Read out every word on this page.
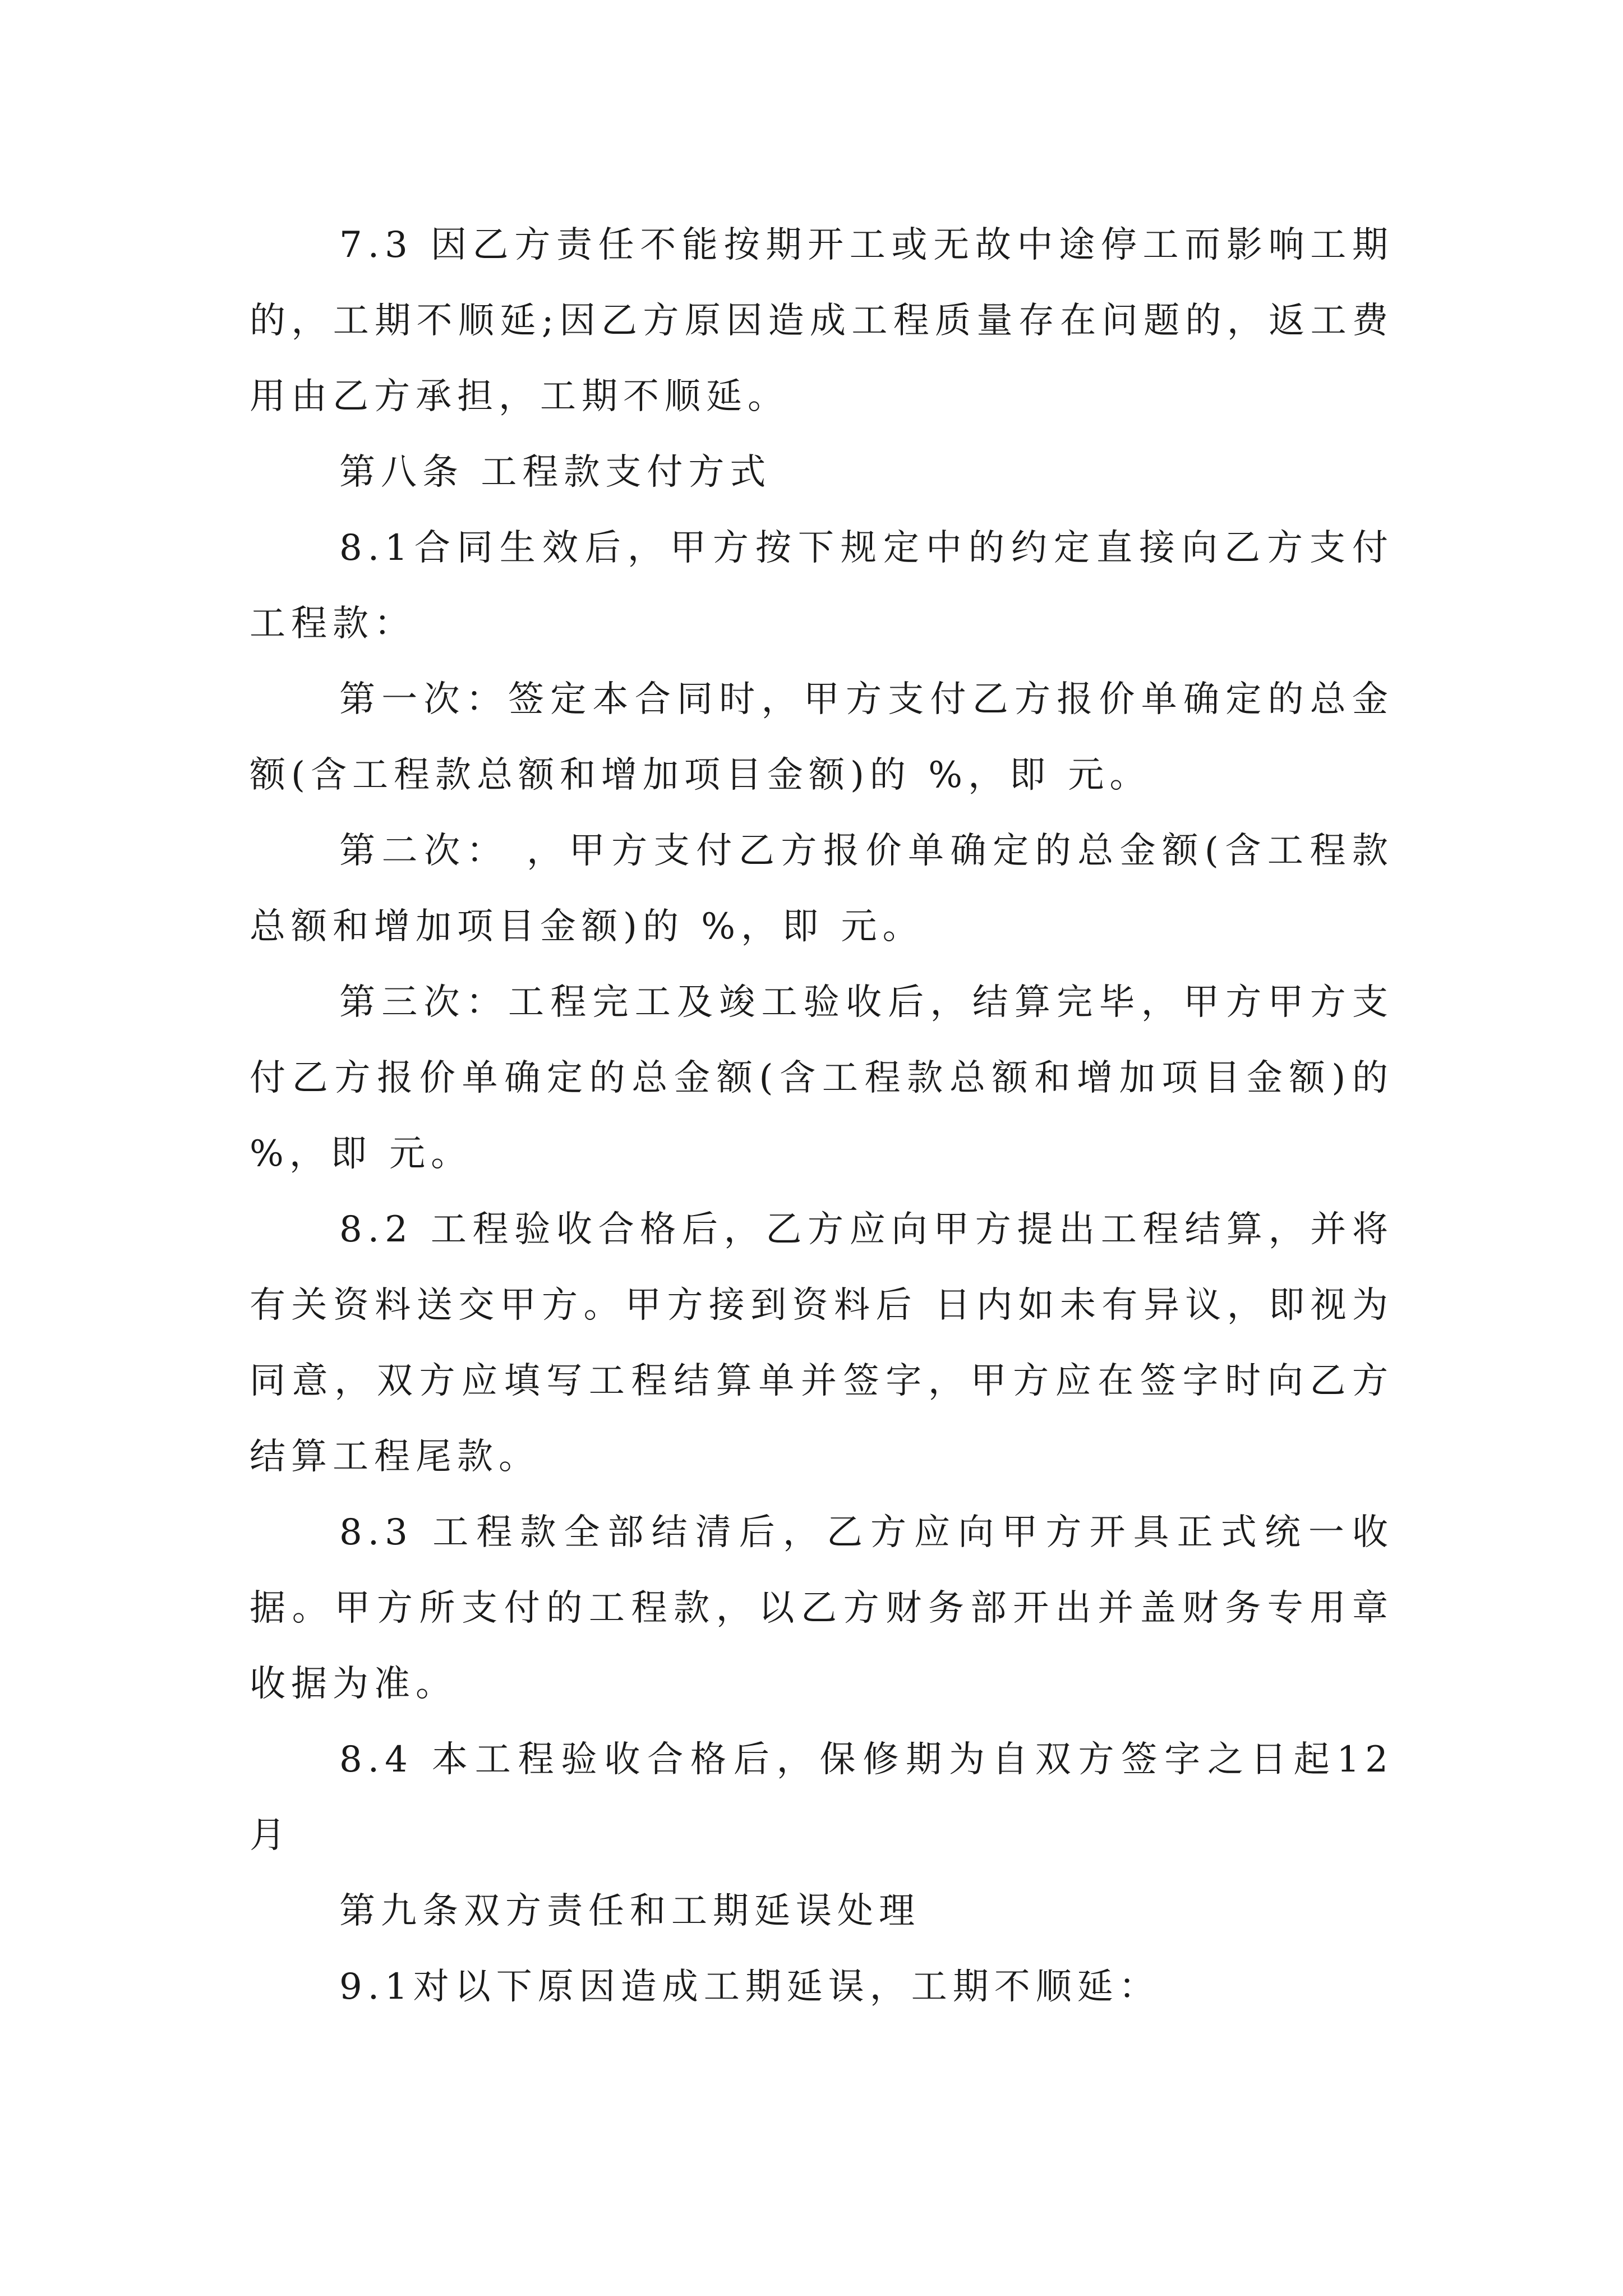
7.3 因乙方责任不能按期开工或无故中途停工而影响工期的，工期不顺延;因乙方原因造成工程质量存在问题的，返工费用由乙方承担，工期不顺延。

第八条 工程款支付方式

8.1合同生效后，甲方按下规定中的约定直接向乙方支付工程款：

第一次：签定本合同时，甲方支付乙方报价单确定的总金额(含工程款总额和增加项目金额)的 %，即 元。

第二次： ，甲方支付乙方报价单确定的总金额(含工程款总额和增加项目金额)的 %，即 元。

第三次：工程完工及竣工验收后，结算完毕，甲方甲方支付乙方报价单确定的总金额(含工程款总额和增加项目金额)的 %，即 元。

8.2 工程验收合格后，乙方应向甲方提出工程结算，并将有关资料送交甲方。甲方接到资料后 日内如未有异议，即视为同意，双方应填写工程结算单并签字，甲方应在签字时向乙方结算工程尾款。

8.3 工程款全部结清后，乙方应向甲方开具正式统一收据。甲方所支付的工程款，以乙方财务部开出并盖财务专用章收据为准。

8.4 本工程验收合格后，保修期为自双方签字之日起12 月

第九条双方责任和工期延误处理

9.1对以下原因造成工期延误，工期不顺延：
